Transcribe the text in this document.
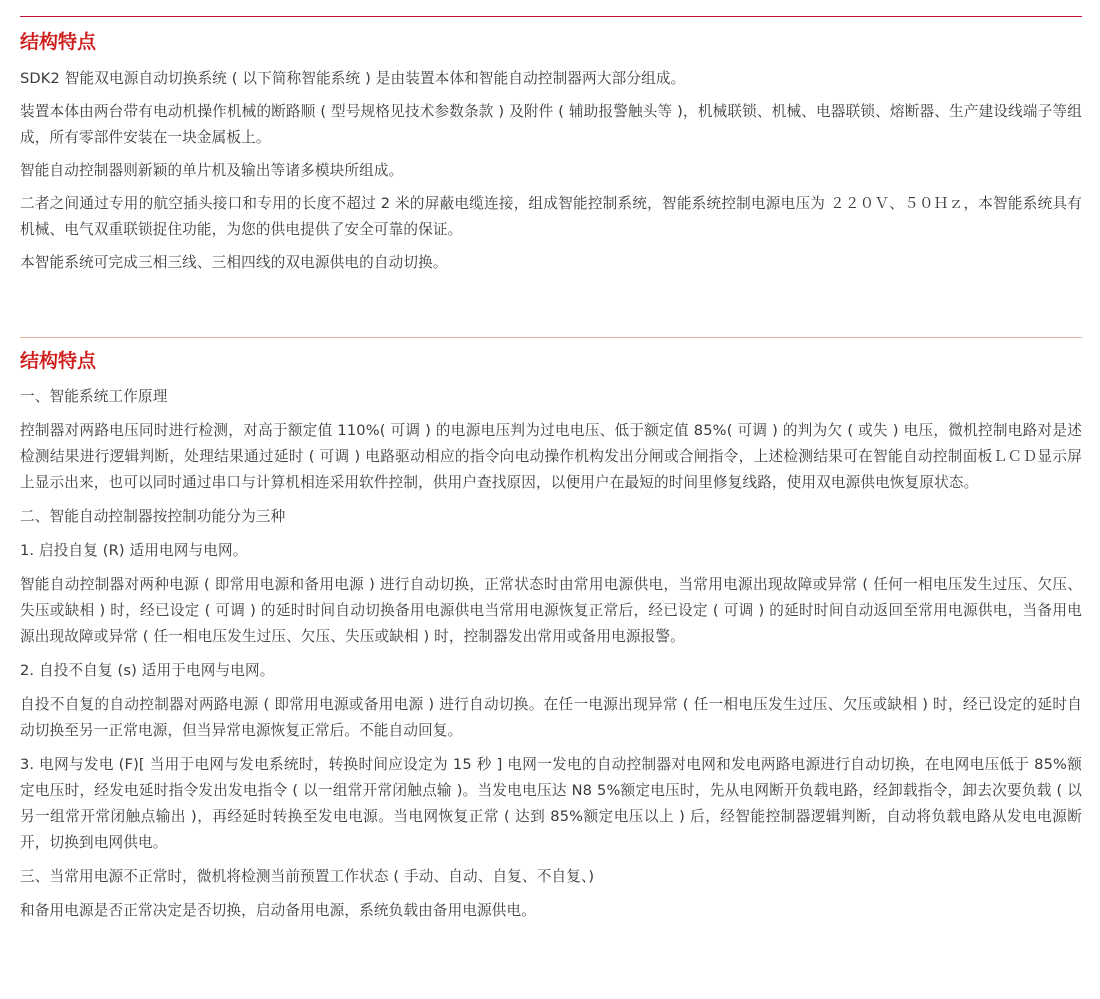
结构特点

SDK2 智能双电源自动切换系统 ( 以下简称智能系统 ) 是由装置本体和智能自动控制器两大部分组成。

装置本体由两台带有电动机操作机械的断路顺 ( 型号规格见技术参数条款 ) 及附件 ( 辅助报警触头等 )，机械联锁、机械、电器联锁、熔断器、生产建设线端子等组成，所有零部件安装在一块金属板上。

智能自动控制器则新颖的单片机及输出等诸多模块所组成。

二者之间通过专用的航空插头接口和专用的长度不超过 2 米的屏蔽电缆连接，组成智能控制系统，智能系统控制电源电压为 ２２０Ｖ、５０Ｈｚ，本智能系统具有机械、电气双重联锁捉住功能，为您的供电提供了安全可靠的保证。

本智能系统可完成三相三线、三相四线的双电源供电的自动切换。

结构特点

一、智能系统工作原理

控制器对两路电压同时进行检测，对高于额定值 110%( 可调 ) 的电源电压判为过电电压、低于额定值 85%( 可调 ) 的判为欠 ( 或失 ) 电压，微机控制电路对是述检测结果进行逻辑判断，处理结果通过延时 ( 可调 ) 电路驱动相应的指令向电动操作机构发出分闸或合闸指令，上述检测结果可在智能自动控制面板ＬＣＤ显示屏上显示出来，也可以同时通过串口与计算机相连采用软件控制，供用户查找原因，以便用户在最短的时间里修复线路，使用双电源供电恢复原状态。

二、智能自动控制器按控制功能分为三种

1. 启投自复 (R) 适用电网与电网。

智能自动控制器对两种电源 ( 即常用电源和备用电源 ) 进行自动切换，正常状态时由常用电源供电，当常用电源出现故障或异常 ( 任何一相电压发生过压、欠压、失压或缺相 ) 时，经已设定 ( 可调 ) 的延时时间自动切换备用电源供电当常用电源恢复正常后，经已设定 ( 可调 ) 的延时时间自动返回至常用电源供电，当备用电源出现故障或异常 ( 任一相电压发生过压、欠压、失压或缺相 ) 时，控制器发出常用或备用电源报警。

2. 自投不自复 (s) 适用于电网与电网。

自投不自复的自动控制器对两路电源 ( 即常用电源或备用电源 ) 进行自动切换。在任一电源出现异常 ( 任一相电压发生过压、欠压或缺相 ) 时，经已设定的延时自动切换至另一正常电源，但当异常电源恢复正常后。不能自动回复。

3. 电网与发电 (F)[ 当用于电网与发电系统时，转换时间应设定为 15 秒 ] 电网一发电的自动控制器对电网和发电两路电源进行自动切换，在电网电压低于 85%额定电压时，经发电延时指令发出发电指令 ( 以一组常开常闭触点输 )。当发电电压达 N8 5%额定电压时，先从电网断开负载电路，经卸载指令，卸去次要负载 ( 以另一组常开常闭触点输出 )，再经延时转换至发电电源。当电网恢复正常 ( 达到 85%额定电压以上 ) 后，经智能控制器逻辑判断，自动将负载电路从发电电源断开，切换到电网供电。

三、当常用电源不正常时，微机将检测当前预置工作状态 ( 手动、自动、自复、不自复、)

和备用电源是否正常决定是否切换，启动备用电源，系统负载由备用电源供电。
